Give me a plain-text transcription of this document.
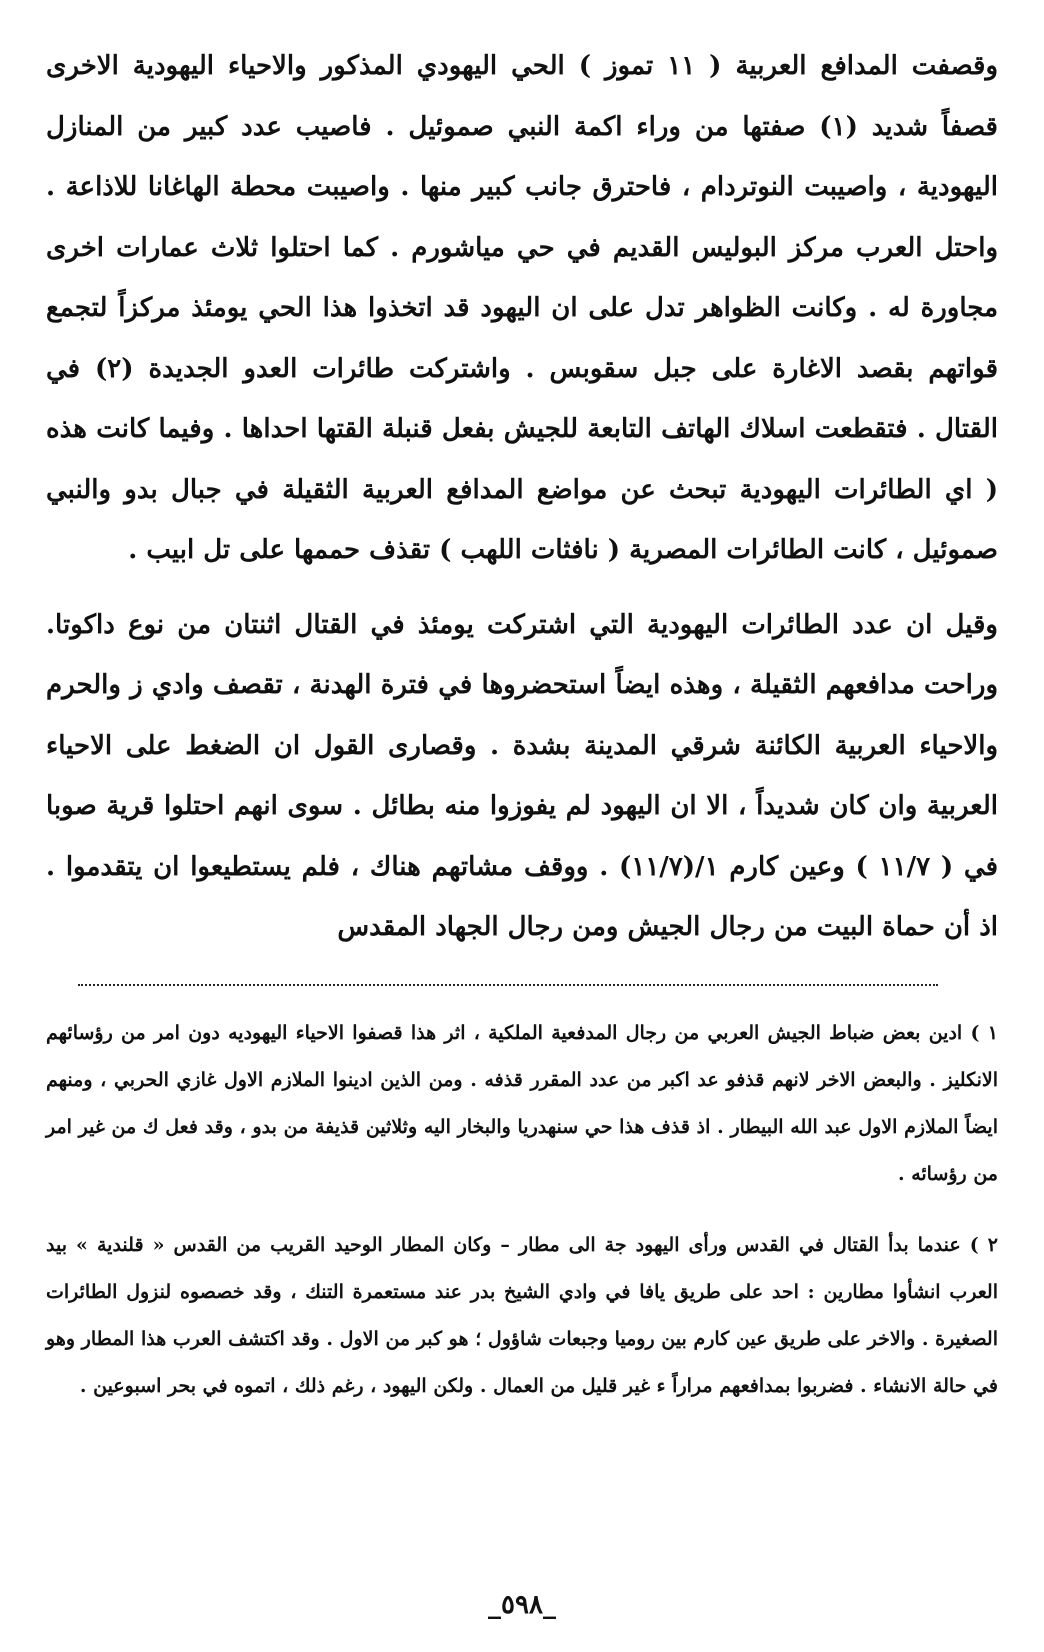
وقصفت المدافع العربية ( ١١ تموز ) الحي اليهودي المذكور والاحياء اليهودية الاخرى قصفاً شديد (١) صفتها من وراء اكمة النبي صموئيل . فاصيب عدد كبير من المنازل اليهودية ، واصيبت النوتردام ، فاحترق جانب كبير منها . واصيبت محطة الهاغانا للاذاعة . واحتل العرب مركز البوليس القديم في حي مياشورم . كما احتلوا ثلاث عمارات اخرى مجاورة له . وكانت الظواهر تدل على ان اليهود قد اتخذوا هذا الحي يومئذ مركزاً لتجمع قواتهم بقصد الاغارة على جبل سقوبس . واشتركت طائرات العدو الجديدة (٢) في القتال . فتقطعت اسلاك الهاتف التابعة للجيش بفعل قنبلة القتها احداها . وفيما كانت هذه ( اي الطائرات اليهودية تبحث عن مواضع المدافع العربية الثقيلة في جبال بدو والنبي صموئيل ، كانت الطائرات المصرية ( نافثات اللهب ) تقذف حممها على تل ابيب .

وقيل ان عدد الطائرات اليهودية التي اشتركت يومئذ في القتال اثنتان من نوع داكوتا. وراحت مدافعهم الثقيلة ، وهذه ايضاً استحضروها في فترة الهدنة ، تقصف وادي ز والحرم والاحياء العربية الكائنة شرقي المدينة بشدة . وقصارى القول ان الضغط على الاحياء العربية وان كان شديداً ، الا ان اليهود لم يفوزوا منه بطائل . سوى انهم احتلوا قرية صوبا في ( ١١/٧ ) وعين كارم ١/(١١/٧) . ووقف مشاتهم هناك ، فلم يستطيعوا ان يتقدموا . اذ أن حماة البيت من رجال الجيش ومن رجال الجهاد المقدس

١ ) ادين بعض ضباط الجيش العربي من رجال المدفعية الملكية ، اثر هذا قصفوا الاحياء اليهوديه دون امر من رؤسائهم الانكليز . والبعض الاخر لانهم قذفو عد اكبر من عدد المقرر قذفه . ومن الذين ادينوا الملازم الاول غازي الحربي ، ومنهم ايضاً الملازم الاول عبد الله البيطار . اذ قذف هذا حي سنهدريا والبخار اليه وثلاثين قذيفة من بدو ، وقد فعل ك من غير امر من رؤسائه .

٢ ) عندما بدأ القتال في القدس ورأى اليهود جة الى مطار – وكان المطار الوحيد القريب من القدس « قلندية » بيد العرب انشأوا مطارين : احد على طريق يافا في وادي الشيخ بدر عند مستعمرة التنك ، وقد خصصوه لنزول الطائرات الصغيرة . والاخر على طريق عين كارم بين روميا وجبعات شاؤول ؛ هو كبر من الاول . وقد اكتشف العرب هذا المطار وهو في حالة الانشاء . فضربوا بمدافعهم مراراً ء غير قليل من العمال . ولكن اليهود ، رغم ذلك ، اتموه في بحر اسبوعين .

_٥٩٨_
